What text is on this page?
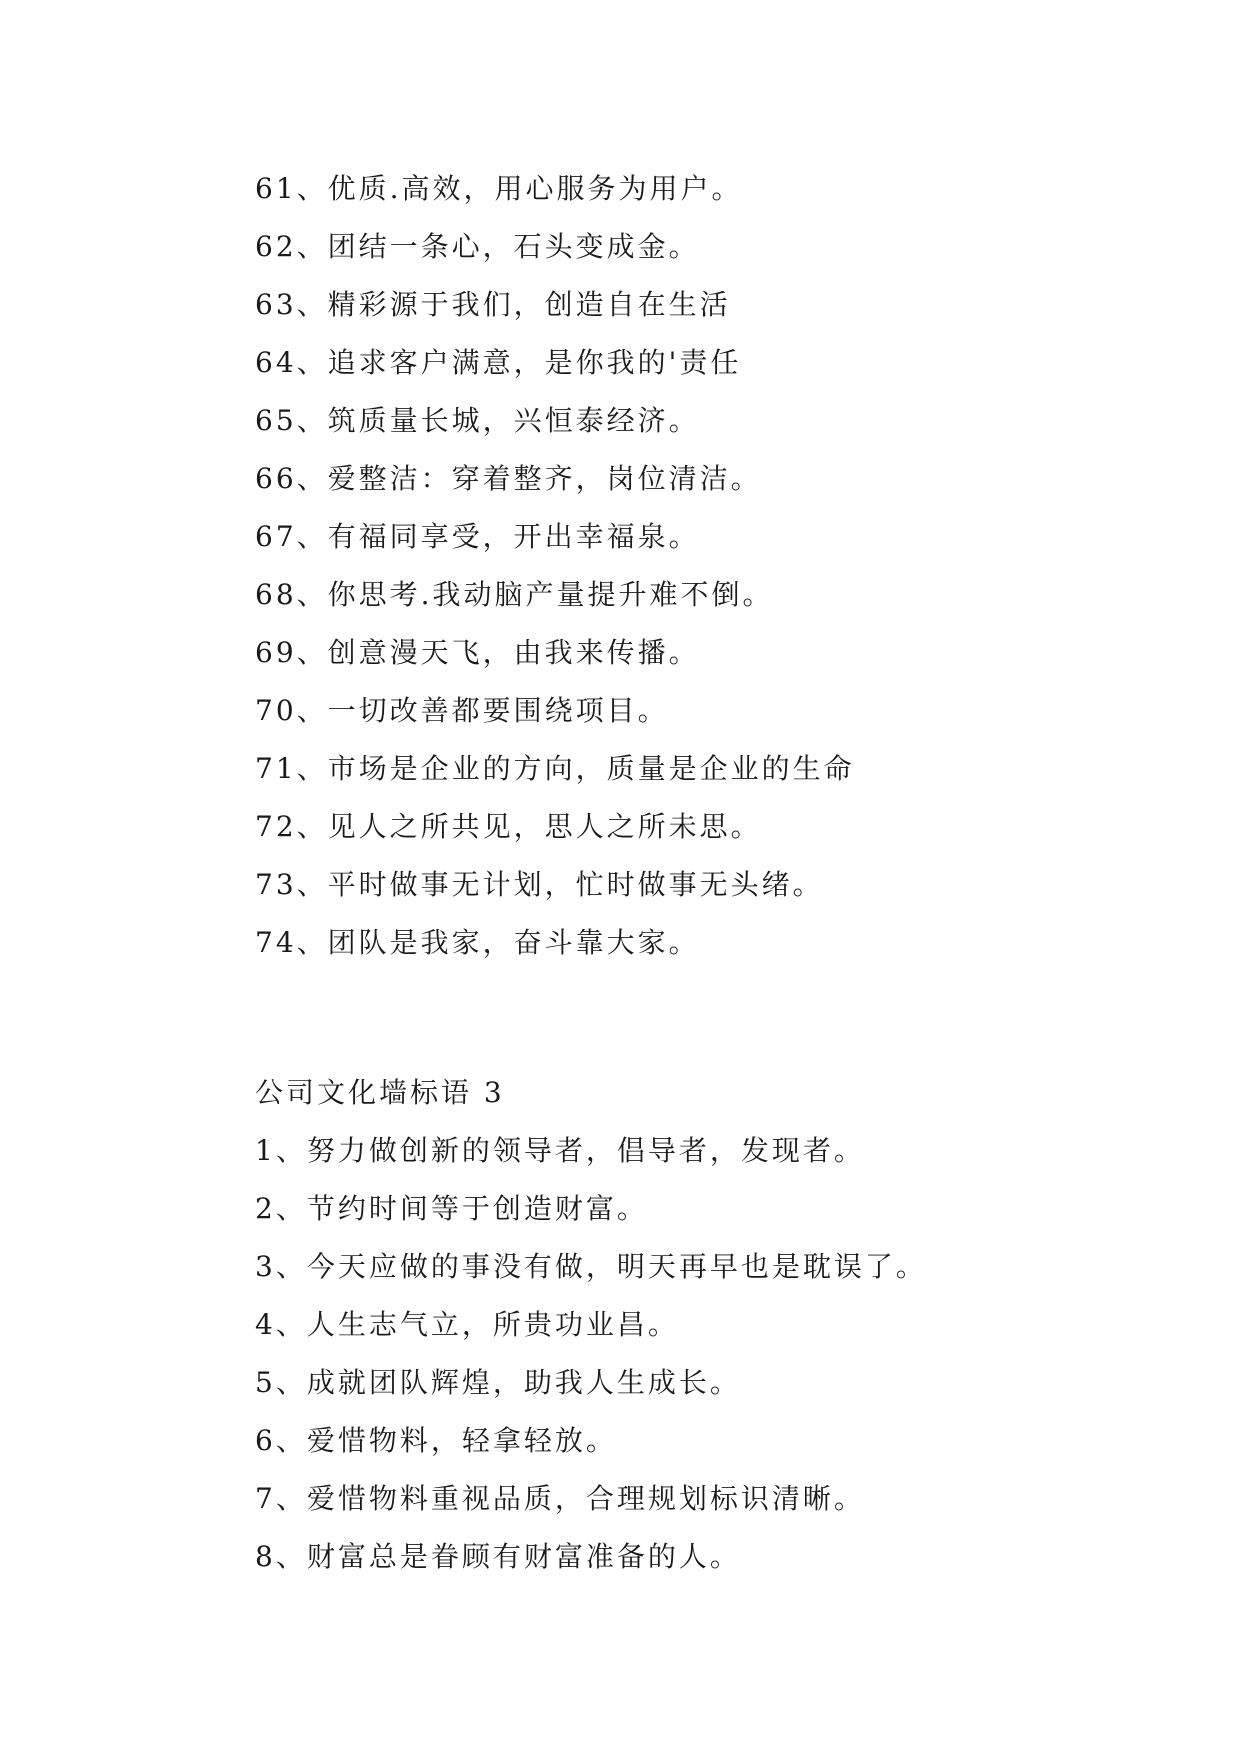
61、优质.高效，用心服务为用户。
62、团结一条心，石头变成金。
63、精彩源于我们，创造自在生活
64、追求客户满意，是你我的'责任
65、筑质量长城，兴恒泰经济。
66、爱整洁：穿着整齐，岗位清洁。
67、有福同享受，开出幸福泉。
68、你思考.我动脑产量提升难不倒。
69、创意漫天飞，由我来传播。
70、一切改善都要围绕项目。
71、市场是企业的方向，质量是企业的生命
72、见人之所共见，思人之所未思。
73、平时做事无计划，忙时做事无头绪。
74、团队是我家，奋斗靠大家。
公司文化墙标语 3
1、努力做创新的领导者，倡导者，发现者。
2、节约时间等于创造财富。
3、今天应做的事没有做，明天再早也是耽误了。
4、人生志气立，所贵功业昌。
5、成就团队辉煌，助我人生成长。
6、爱惜物料，轻拿轻放。
7、爱惜物料重视品质，合理规划标识清晰。
8、财富总是眷顾有财富准备的人。
